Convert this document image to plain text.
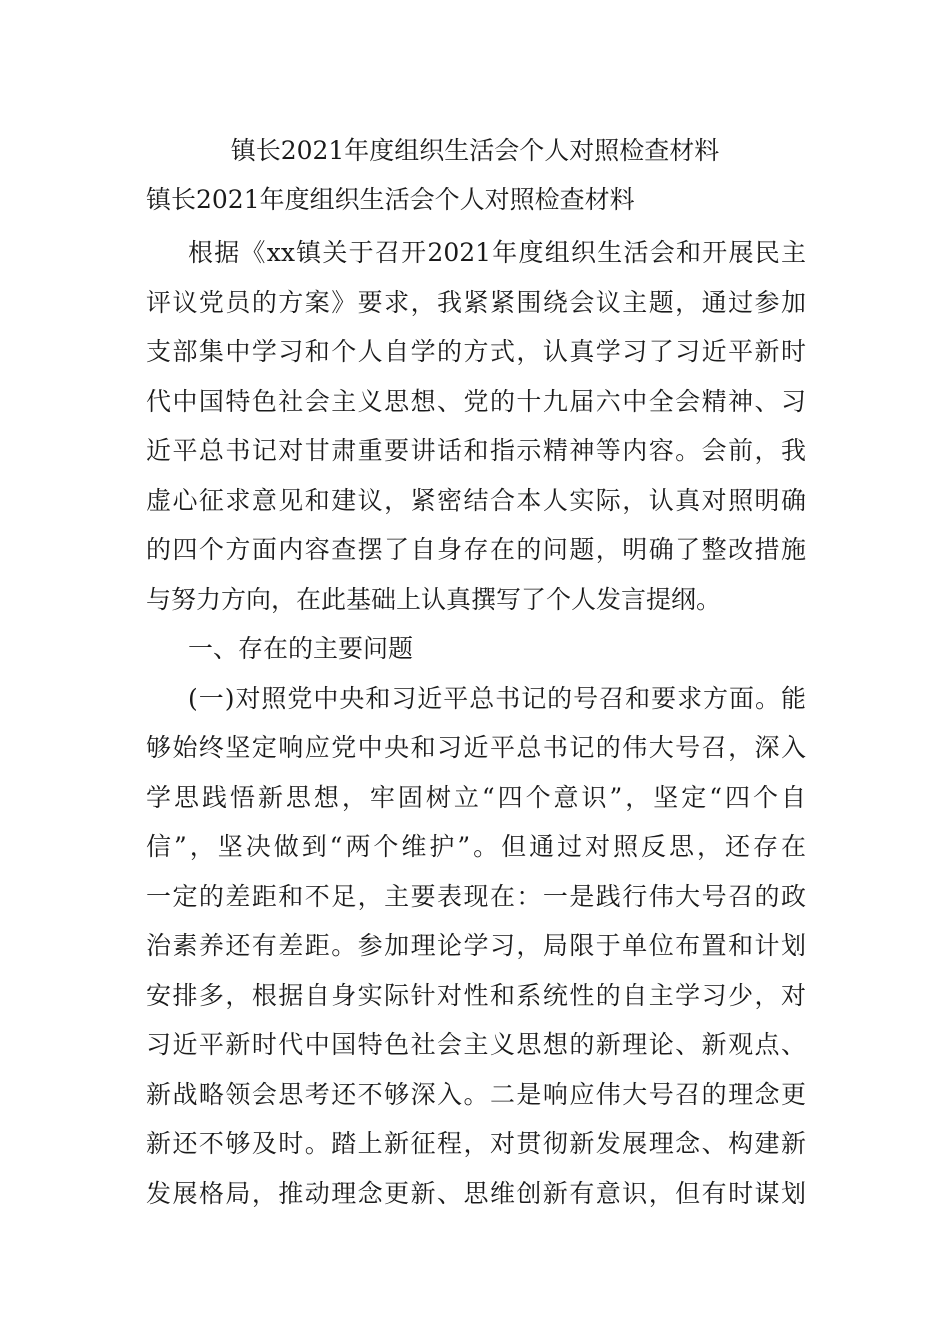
镇长2021年度组织生活会个人对照检查材料
镇长2021年度组织生活会个人对照检查材料
根据《xx镇关于召开2021年度组织生活会和开展民主
评议党员的方案》要求，我紧紧围绕会议主题，通过参加
支部集中学习和个人自学的方式，认真学习了习近平新时
代中国特色社会主义思想、党的十九届六中全会精神、习
近平总书记对甘肃重要讲话和指示精神等内容。会前，我
虚心征求意见和建议，紧密结合本人实际，认真对照明确
的四个方面内容查摆了自身存在的问题，明确了整改措施
与努力方向，在此基础上认真撰写了个人发言提纲。
一、存在的主要问题
(一)对照党中央和习近平总书记的号召和要求方面。能
够始终坚定响应党中央和习近平总书记的伟大号召，深入
学思践悟新思想，牢固树立“四个意识”，坚定“四个自
信”，坚决做到“两个维护”。但通过对照反思，还存在
一定的差距和不足，主要表现在：一是践行伟大号召的政
治素养还有差距。参加理论学习，局限于单位布置和计划
安排多，根据自身实际针对性和系统性的自主学习少，对
习近平新时代中国特色社会主义思想的新理论、新观点、
新战略领会思考还不够深入。二是响应伟大号召的理念更
新还不够及时。踏上新征程，对贯彻新发展理念、构建新
发展格局，推动理念更新、思维创新有意识，但有时谋划
